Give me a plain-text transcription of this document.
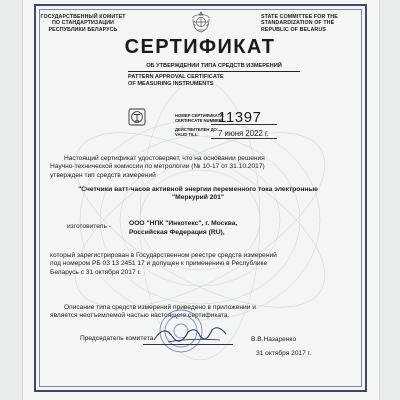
ГОСУДАРСТВЕННЫЙ КОМИТЕТ
ПО СТАНДАРТИЗАЦИИ
РЕСПУБЛИКИ БЕЛАРУСЬ
STATE COMMITTEE FOR THE
STANDARDIZATION OF THE
REPUBLIC OF BELARUS
СЕРТИФИКАТ
ОБ УТВЕРЖДЕНИИ ТИПА СРЕДСТВ ИЗМЕРЕНИЙ
PATTERN APPROVAL CERTIFICATE
OF MEASURING INSTRUMENTS
НОМЕР СЕРТИФИКАТА:
CERTIFICATE NUMBER:
11397
ДЕЙСТВИТЕЛЕН ДО:
VALID TILL:	7 июня 2022 г.
Настоящий сертификат удостоверяет, что на основании решения
Научно-технической комиссии по метрологии (№ 10-17 от 31.10.2017)
утвержден тип средств измерений
"Счетчики ватт-часов активной энергии переменного тока электронные
"Меркурий 201"
изготовитель -	ООО "НПК "Инкотекс", г. Москва,
Российская Федерация (RU),
который зарегистрирован в Государственном реестре средств измерений
под номером РБ 03 13 2451 17 и допущен к применению в Республике
Беларусь с 31 октября 2017 г.
Описание типа средств измерений приведено в приложении и
является неотъемлемой частью настоящего сертификата.
Председатель комитета	В.В.Назаренко
31 октября 2017 г.
